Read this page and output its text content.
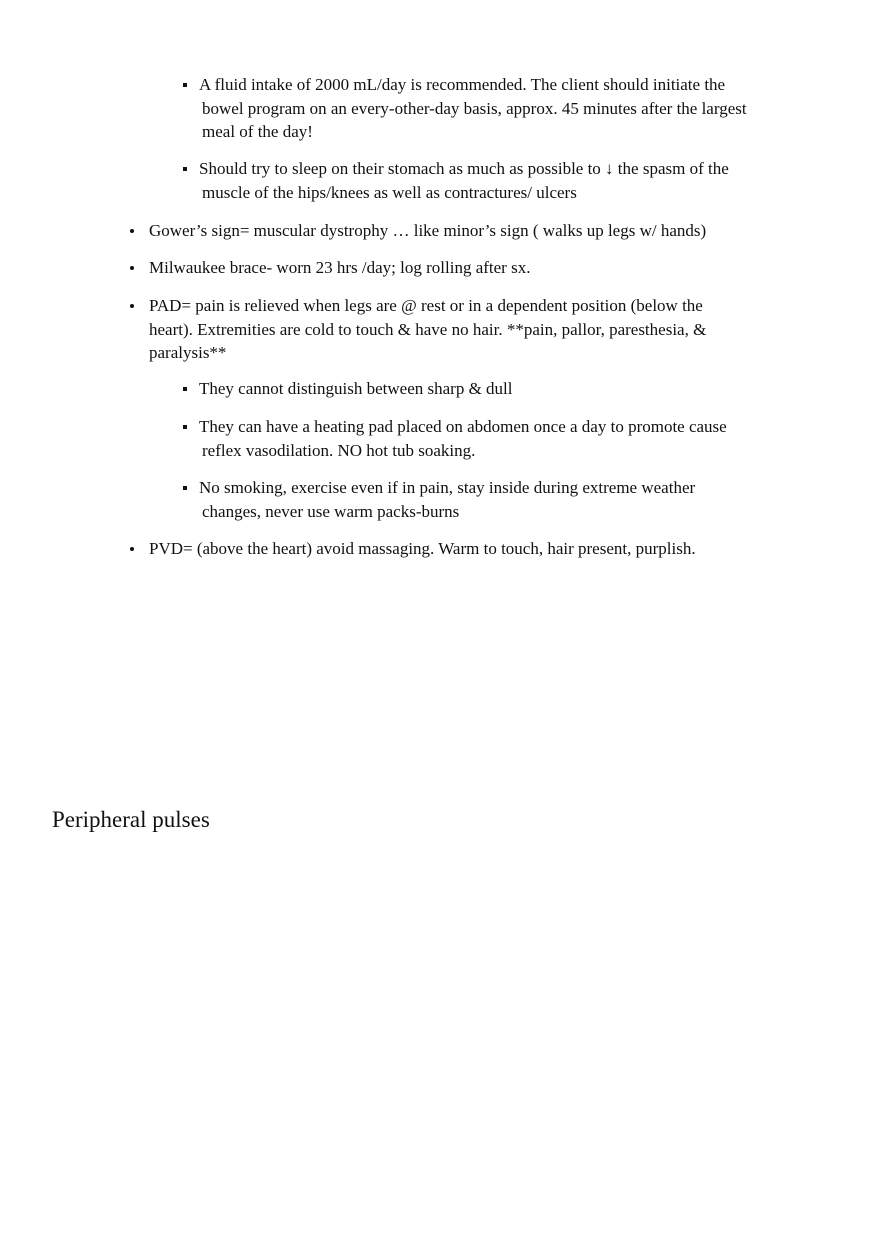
A fluid intake of 2000 mL/day is recommended. The client should initiate the bowel program on an every-other-day basis, approx. 45 minutes after the largest meal of the day!
Should try to sleep on their stomach as much as possible to ↓ the spasm of the muscle of the hips/knees as well as contractures/ ulcers
Gower’s sign= muscular dystrophy … like minor’s sign ( walks up legs w/ hands)
Milwaukee brace- worn 23 hrs /day; log rolling after sx.
PAD= pain is relieved when legs are @ rest or in a dependent position (below the heart). Extremities are cold to touch & have no hair. **pain, pallor, paresthesia, & paralysis**
They cannot distinguish between sharp & dull
They can have a heating pad placed on abdomen once a day to promote cause reflex vasodilation. NO hot tub soaking.
No smoking, exercise even if in pain, stay inside during extreme weather changes, never use warm packs-burns
PVD= (above the heart) avoid massaging. Warm to touch, hair present, purplish.
Peripheral pulses
